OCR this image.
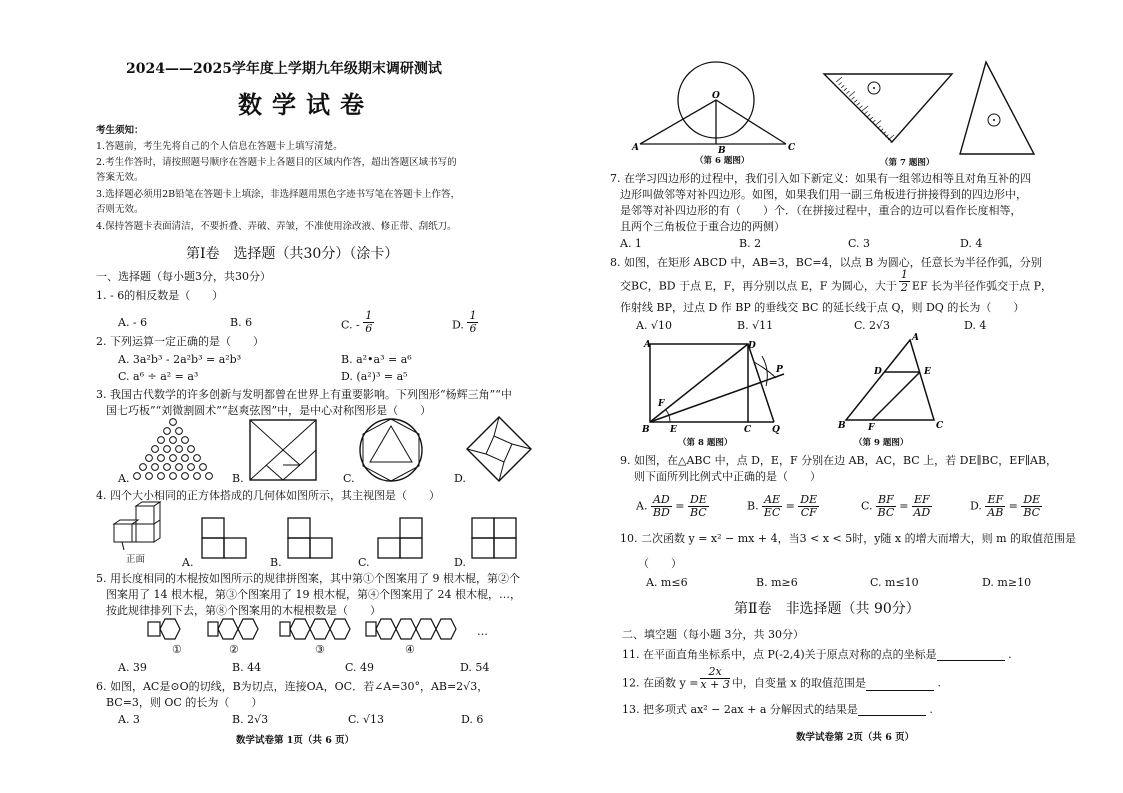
2024——2025学年度上学期九年级期末调研测试
数学试卷
考生须知：
1.答题前，考生先将自己的个人信息在答题卡上填写清楚。
2.考生作答时，请按照题号顺序在答题卡上各题目的区域内作答，超出答题区域书写的
答案无效。
3.选择题必须用2B铅笔在答题卡上填涂，非选择题用黑色字迹书写笔在答题卡上作答，
否则无效。
4.保持答题卡表面清洁，不要折叠、弄破、弄皱，不准使用涂改液、修正带、刮纸刀。
第Ⅰ卷　选择题（共30分）（涂卡）
一、选择题（每小题3分，共30分）
1. - 6的相反数是（　　）
A. - 6	B. 6	C. - $\frac{1}{6}$	D. $\frac{1}{6}$
2. 下列运算一定正确的是（　　）
A. 3a²b³ - 2a²b³ = a²b³	B. a²•a³ = a⁶
C. a⁶ ÷ a² = a³	D. (a²)³ = a⁵
3. 我国古代数学的许多创新与发明都曾在世界上有重要影响。下列图形“杨辉三角”“中
国七巧板”“刘微割圆术”“赵爽弦图”中，是中心对称图形是（　　）
A.	B.	C.	D.
4. 四个大小相同的正方体搭成的几何体如图所示，其主视图是（　　）
正面	A.	C.	D.
B.
5. 用长度相同的木棍按如图所示的规律拼图案，其中第①个图案用了 9 根木棍，第②个
图案用了 14 根木棍，第③个图案用了 19 根木棍，第④个图案用了 24 根木棍，…，
按此规律排列下去，第⑧个图案用的木棍根数是（　　）
①	②	③	④
…
A. 39	B. 44	C. 49	D. 54
6. 如图，AC是⊙O的切线，B为切点，连接OA，OC．若∠A=30°，AB=2√3，
BC=3，则 OC 的长为（　　）
A. 3	B. 2√3	C. √13	D. 6
数学试卷第 1页（共 6 页）
O
A	B	C
（第 6 题图）	（第 7 题图）
7. 在学习四边形的过程中，我们引入如下新定义：如果有一组邻边相等且对角互补的四
边形叫做邻等对补四边形。如图，如果我们用一副三角板进行拼接得到的四边形中，
是邻等对补四边形的有（　　）个．（在拼接过程中，重合的边可以看作长度相等，
且两个三角板位于重合边的两侧）
A. 1	B. 2	C. 3	D. 4
8. 如图，在矩形 ABCD 中，AB=3，BC=4，以点 B 为圆心，任意长为半径作弧，分别
交BC，BD 于点 E，F，再分别以点 E，F 为圆心，大于 $\frac{1}{2}$ EF 长为半径作弧交于点 P，
作射线 BP，过点 D 作 BP 的垂线交 BC 的延长线于点 Q，则 DQ 的长为（　　）
A. √10	B. √11	C. 2√3	D. 4
A	D
P
F
B E	C Q
（第 8 题图）
A
D	E
F
B	C
（第 9 题图）
9. 如图，在△ABC 中，点 D，E，F 分别在边 AB，AC，BC 上，若 DE∥BC，EF∥AB，
则下面所列比例式中正确的是（　　）
A. $\frac{AD}{BD} = \frac{DE}{BC}$	B. $\frac{AE}{EC} = \frac{DE}{CF}$	C. $\frac{BF}{BC} = \frac{EF}{AD}$	D. $\frac{EF}{AB} = \frac{DE}{BC}$
10. 二次函数 y = x² − mx + 4，当3 < x < 5时，y随 x 的增大而增大，则 m 的取值范围是
（　　）
A. m≤6	B. m≥6	C. m≤10	D. m≥10
第Ⅱ卷　非选择题（共 90分）
二、填空题（每小题 3分，共 30分）
11. 在平面直角坐标系中，点 P(-2,4)关于原点对称的点的坐标是	.
12. 在函数 $y = \frac{2x}{x + 3}$ 中，自变量 x 的取值范围是	.
13. 把多项式 ax² − 2ax + a 分解因式的结果是	.
数学试卷第 2页（共 6 页）
